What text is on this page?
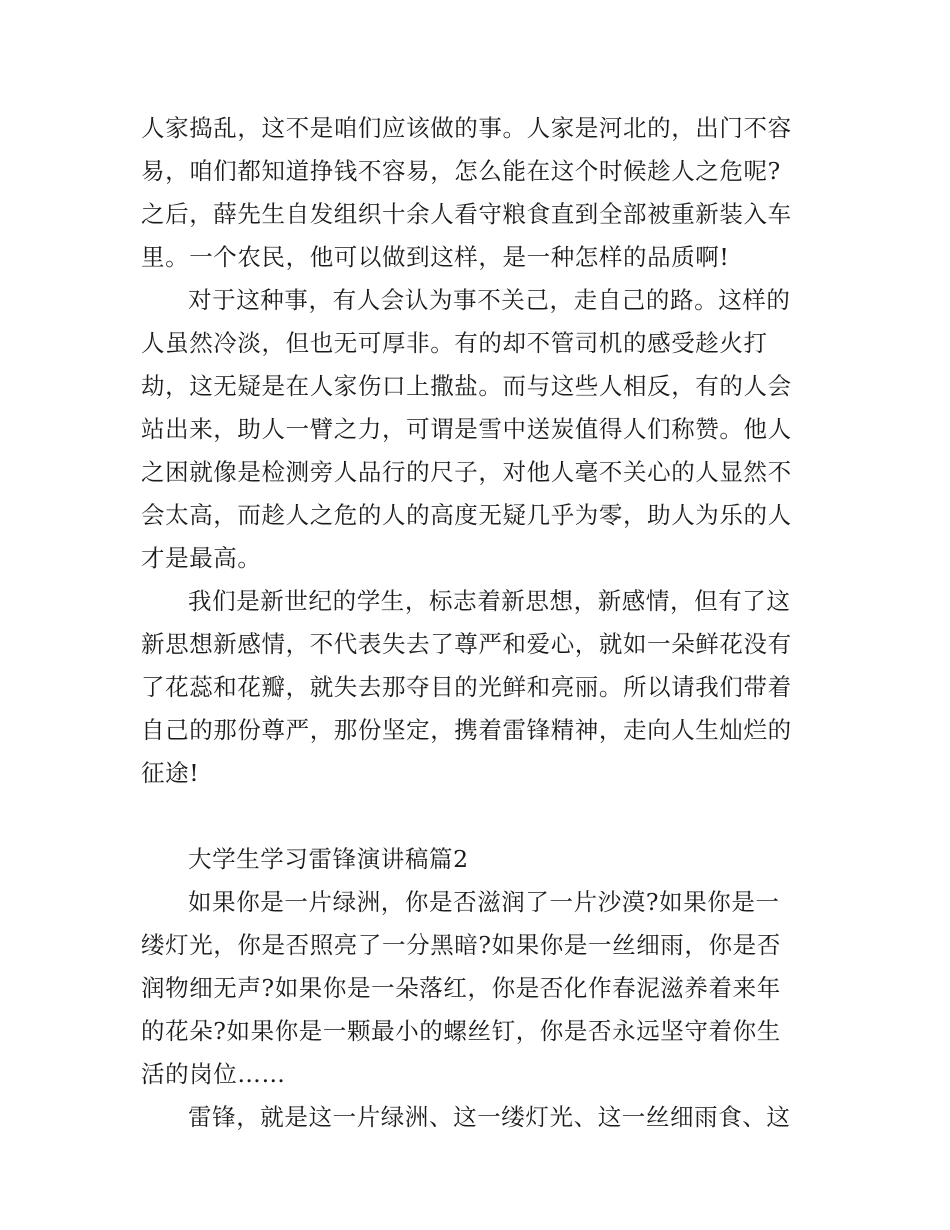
人家捣乱，这不是咱们应该做的事。人家是河北的，出门不容
易，咱们都知道挣钱不容易，怎么能在这个时候趁人之危呢?
之后，薛先生自发组织十余人看守粮食直到全部被重新装入车
里。一个农民，他可以做到这样，是一种怎样的品质啊!
对于这种事，有人会认为事不关己，走自己的路。这样的
人虽然冷淡，但也无可厚非。有的却不管司机的感受趁火打
劫，这无疑是在人家伤口上撒盐。而与这些人相反，有的人会
站出来，助人一臂之力，可谓是雪中送炭值得人们称赞。他人
之困就像是检测旁人品行的尺子，对他人毫不关心的人显然不
会太高，而趁人之危的人的高度无疑几乎为零，助人为乐的人
才是最高。
我们是新世纪的学生，标志着新思想，新感情，但有了这
新思想新感情，不代表失去了尊严和爱心，就如一朵鲜花没有
了花蕊和花瓣，就失去那夺目的光鲜和亮丽。所以请我们带着
自己的那份尊严，那份坚定，携着雷锋精神，走向人生灿烂的
征途!
大学生学习雷锋演讲稿篇2
如果你是一片绿洲，你是否滋润了一片沙漠?如果你是一
缕灯光，你是否照亮了一分黑暗?如果你是一丝细雨，你是否
润物细无声?如果你是一朵落红，你是否化作春泥滋养着来年
的花朵?如果你是一颗最小的螺丝钉，你是否永远坚守着你生
活的岗位……
雷锋，就是这一片绿洲、这一缕灯光、这一丝细雨食、这
